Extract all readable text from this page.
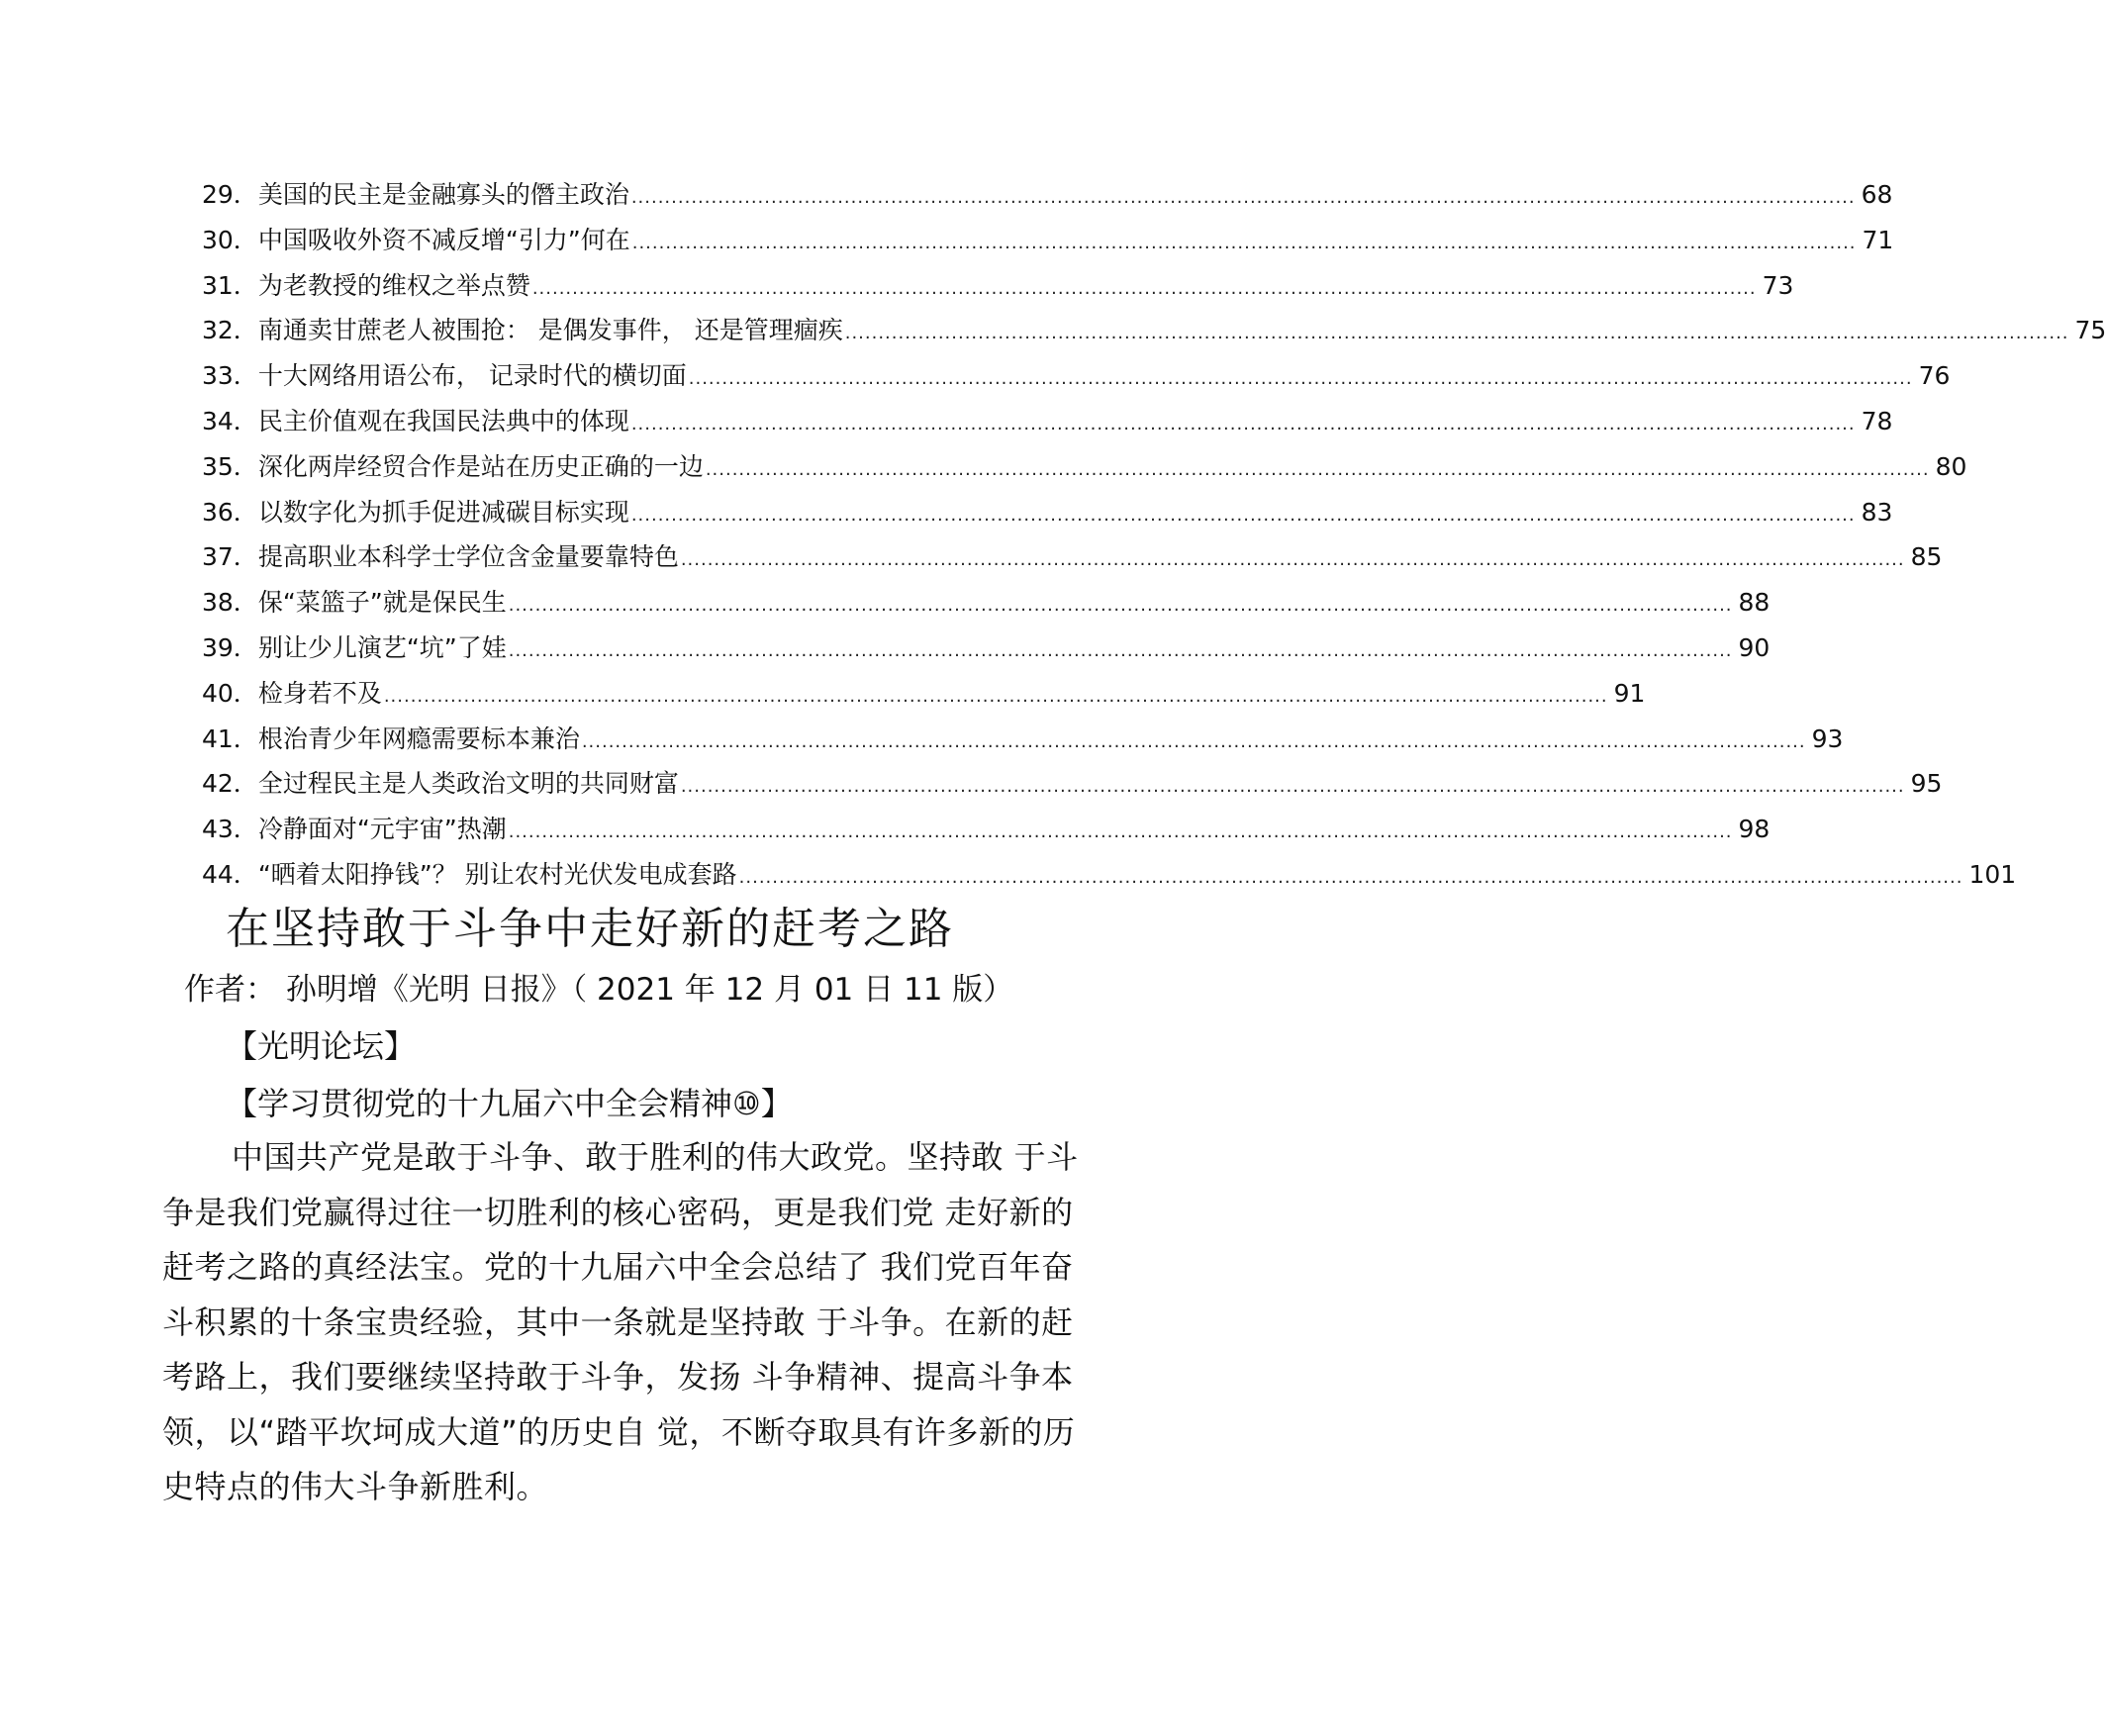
29． 美国的民主是金融寡头的僭主政治 .....	68
30． 中国吸收外资不减反增“引力”何在 .....	71
31． 为老教授的维权之举点赞 .....	73
32． 南通卖甘蔗老人被围抢： 是偶发事件， 还是管理痼疾 .....	75
33． 十大网络用语公布， 记录时代的横切面 .....	76
34． 民主价值观在我国民法典中的体现 .....	78
35． 深化两岸经贸合作是站在历史正确的一边 .....	80
36． 以数字化为抓手促进减碳目标实现 .....	83
37． 提高职业本科学士学位含金量要靠特色 .....	85
38． 保“菜篮子”就是保民生 .....	88
39． 别让少儿演艺“坑”了娃 .....	90
40． 检身若不及 .....	91
41． 根治青少年网瘾需要标本兼治 .....	93
42． 全过程民主是人类政治文明的共同财富 .....	95
43． 冷静面对“元宇宙”热潮 .....	98
44． “晒着太阳挣钱”？ 别让农村光伏发电成套路 .....	101
在坚持敢于斗争中走好新的赶考之路
作者： 孙明增《光明 日报》（ 2021 年 12 月 01 日 11 版）
【光明论坛】
【学习贯彻党的十九届六中全会精神⑩】

中国共产党是敢于斗争、敢于胜利的伟大政党。坚持敢 于斗争是我们党赢得过往一切胜利的核心密码，更是我们党 走好新的赶考之路的真经法宝。党的十九届六中全会总结了 我们党百年奋斗积累的十条宝贵经验，其中一条就是坚持敢 于斗争。在新的赶考路上，我们要继续坚持敢于斗争，发扬 斗争精神、提高斗争本领，以“踏平坎坷成大道”的历史自 觉，不断夺取具有许多新的历史特点的伟大斗争新胜利。
